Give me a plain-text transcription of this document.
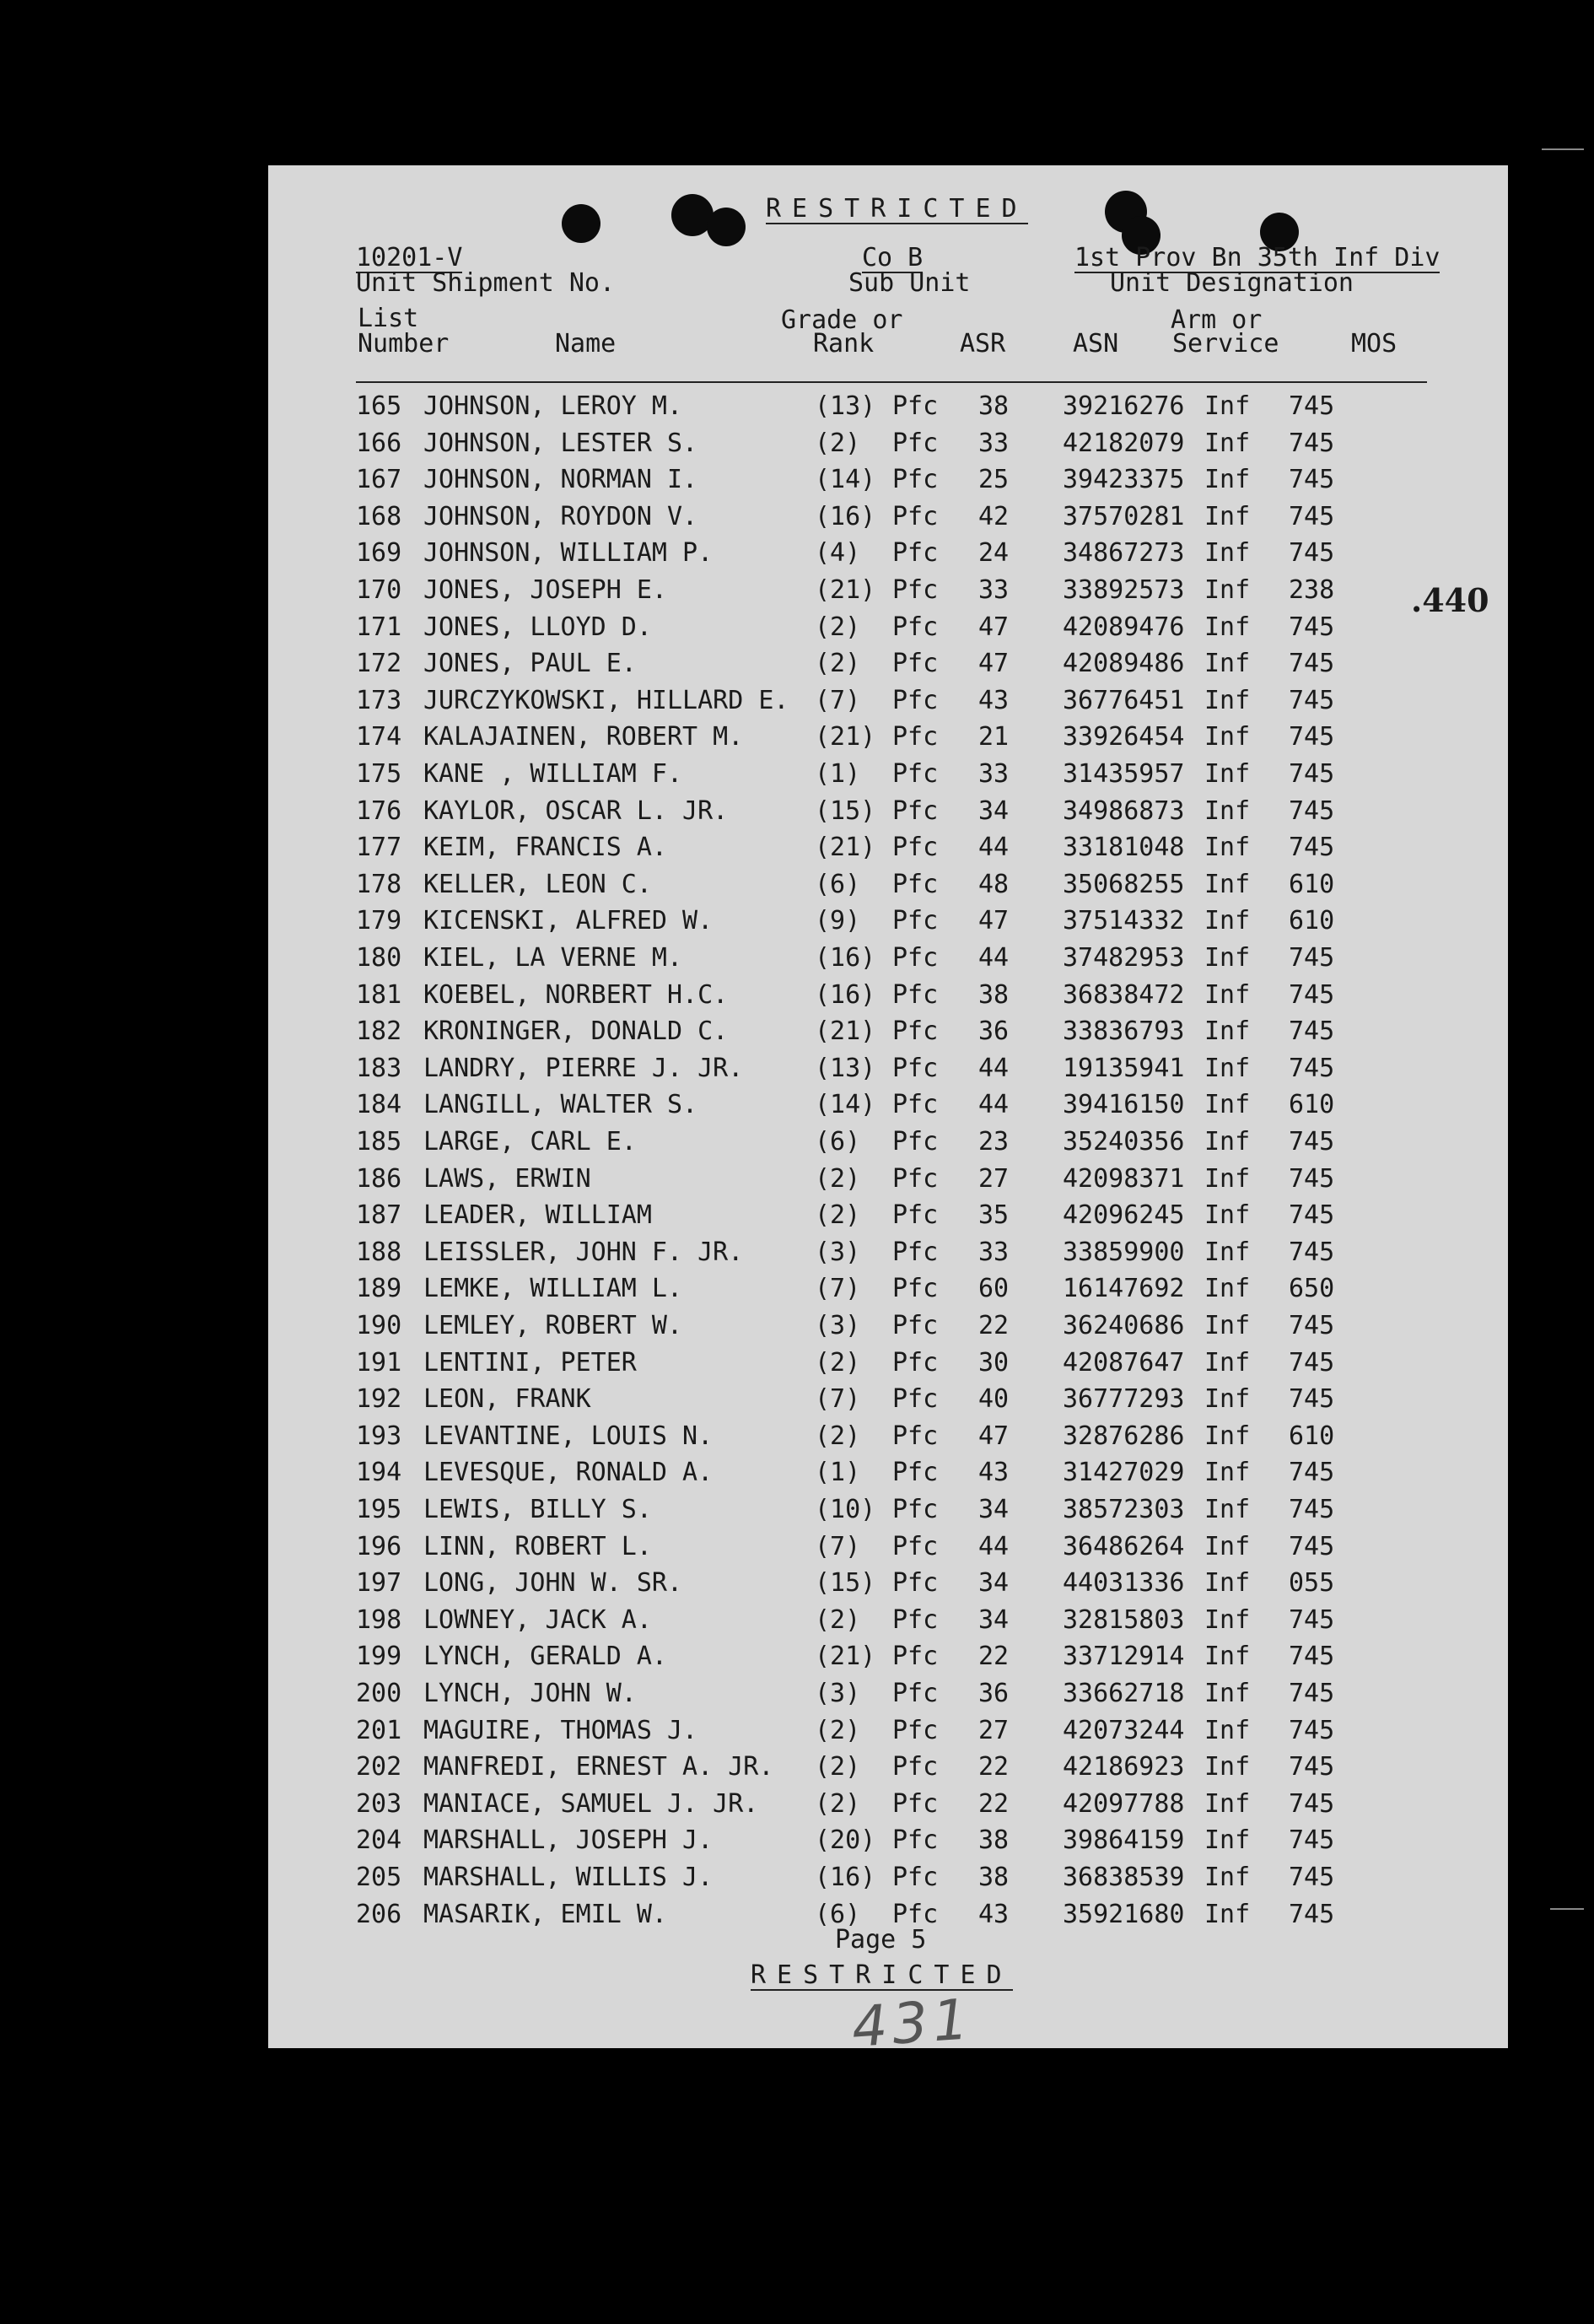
RESTRICTED
10201-V
Unit Shipment No.
Co B
Sub Unit
1st Prov Bn 35th Inf Div
Unit Designation
List
Number	Name
Grade or
Rank	ASR	ASN
Arm or
Service	MOS
165 JOHNSON, LEROY M.	(13) Pfc 38 39216276 Inf 745
166 JOHNSON, LESTER S.	(2) Pfc 33 42182079 Inf 745
167 JOHNSON, NORMAN I.	(14) Pfc 25 39423375 Inf 745
168 JOHNSON, ROYDON V.	(16) Pfc 42 37570281 Inf 745
169 JOHNSON, WILLIAM P.	(4) Pfc 24 34867273 Inf 745
170 JONES, JOSEPH E.	(21) Pfc 33 33892573 Inf 238
171 JONES, LLOYD D.	(2) Pfc 47 42089476 Inf 745
172 JONES, PAUL E.	(2) Pfc 47 42089486 Inf 745
173 JURCZYKOWSKI, HILLARD E. (7) Pfc 43 36776451 Inf 745
174 KALAJAINEN, ROBERT M.	(21) Pfc 21 33926454 Inf 745
175 KANE , WILLIAM F.	(1) Pfc 33 31435957 Inf 745
176 KAYLOR, OSCAR L. JR.	(15) Pfc 34 34986873 Inf 745
177 KEIM, FRANCIS A.	(21) Pfc 44 33181048 Inf 745
178 KELLER, LEON C.	(6) Pfc 48 35068255 Inf 610
179 KICENSKI, ALFRED W.	(9) Pfc 47 37514332 Inf 610
180 KIEL, LA VERNE M.	(16) Pfc 44 37482953 Inf 745
181 KOEBEL, NORBERT H.C.	(16) Pfc 38 36838472 Inf 745
182 KRONINGER, DONALD C.	(21) Pfc 36 33836793 Inf 745
183 LANDRY, PIERRE J. JR.	(13) Pfc 44 19135941 Inf 745
184 LANGILL, WALTER S.	(14) Pfc 44 39416150 Inf 610
185 LARGE, CARL E.	(6) Pfc 23 35240356 Inf 745
186 LAWS, ERWIN	(2) Pfc 27 42098371 Inf 745
187 LEADER, WILLIAM	(2) Pfc 35 42096245 Inf 745
188 LEISSLER, JOHN F. JR.	(3) Pfc 33 33859900 Inf 745
189 LEMKE, WILLIAM L.	(7) Pfc 60 16147692 Inf 650
190 LEMLEY, ROBERT W.	(3) Pfc 22 36240686 Inf 745
191 LENTINI, PETER	(2) Pfc 30 42087647 Inf 745
192 LEON, FRANK	(7) Pfc 40 36777293 Inf 745
193 LEVANTINE, LOUIS N.	(2) Pfc 47 32876286 Inf 610
194 LEVESQUE, RONALD A.	(1) Pfc 43 31427029 Inf 745
195 LEWIS, BILLY S.	(10) Pfc 34 38572303 Inf 745
196 LINN, ROBERT L.	(7) Pfc 44 36486264 Inf 745
197 LONG, JOHN W. SR.	(15) Pfc 34 44031336 Inf 055
198 LOWNEY, JACK A.	(2) Pfc 34 32815803 Inf 745
199 LYNCH, GERALD A.	(21) Pfc 22 33712914 Inf 745
200 LYNCH, JOHN W.	(3) Pfc 36 33662718 Inf 745
201 MAGUIRE, THOMAS J.	(2) Pfc 27 42073244 Inf 745
202 MANFREDI, ERNEST A. JR. (2) Pfc 22 42186923 Inf 745
203 MANIACE, SAMUEL J. JR. (2) Pfc 22 42097788 Inf 745
204 MARSHALL, JOSEPH J.	(20) Pfc 38 39864159 Inf 745
205 MARSHALL, WILLIS J.	(16) Pfc 38 36838539 Inf 745
206 MASARIK, EMIL W.	(6) Pfc 43 35921680 Inf 745
.440
Page 5
RESTRICTED
431
